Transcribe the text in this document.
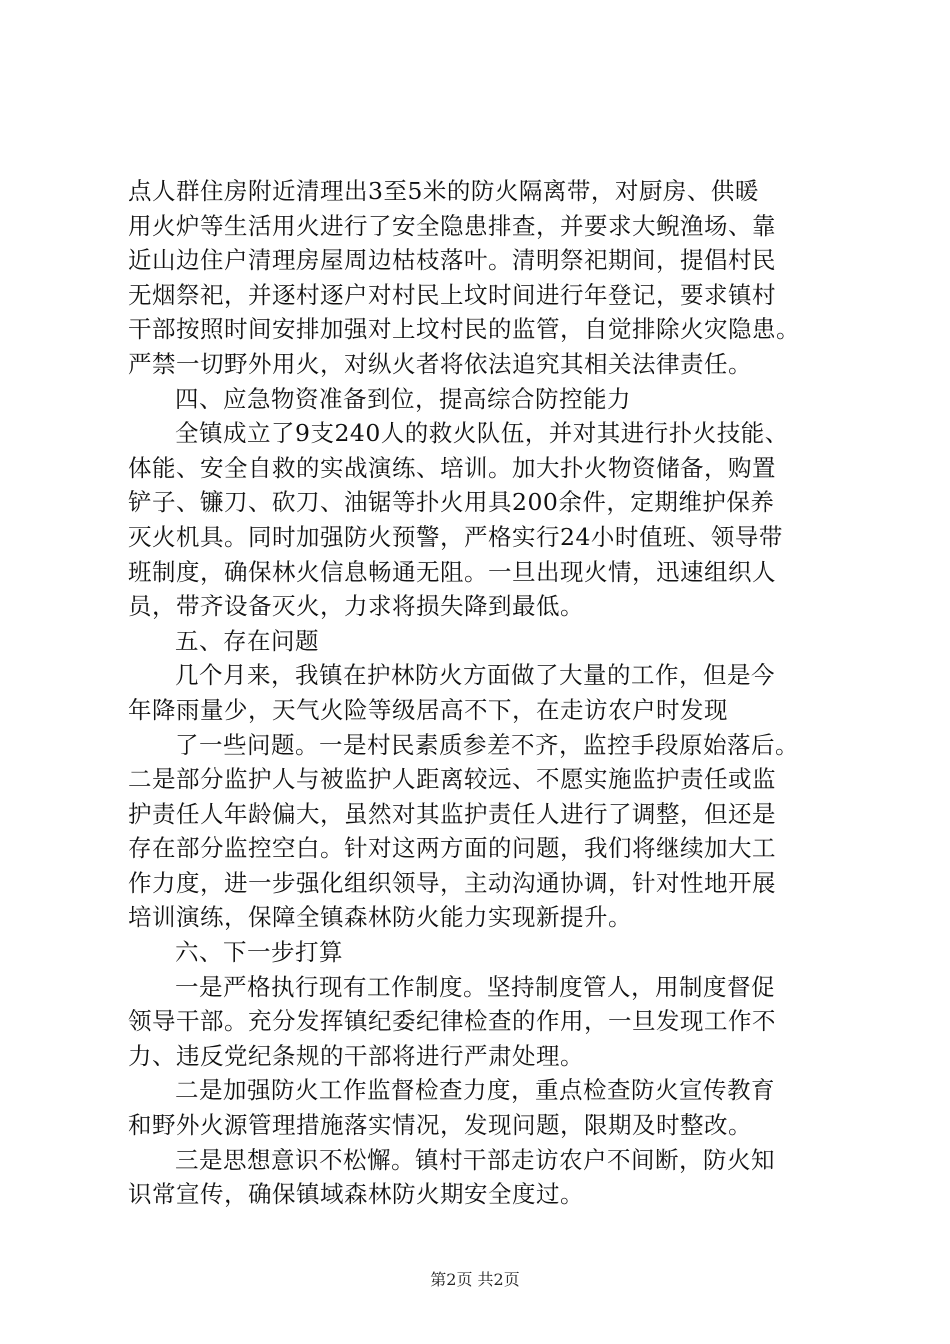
点人群住房附近清理出3至5米的防火隔离带，对厨房、供暖
用火炉等生活用火进行了安全隐患排查，并要求大鲵渔场、靠
近山边住户清理房屋周边枯枝落叶。清明祭祀期间，提倡村民
无烟祭祀，并逐村逐户对村民上坟时间进行年登记，要求镇村
干部按照时间安排加强对上坟村民的监管，自觉排除火灾隐患。
严禁一切野外用火，对纵火者将依法追究其相关法律责任。
四、应急物资准备到位，提高综合防控能力
全镇成立了9支240人的救火队伍，并对其进行扑火技能、
体能、安全自救的实战演练、培训。加大扑火物资储备，购置
铲子、镰刀、砍刀、油锯等扑火用具200余件，定期维护保养
灭火机具。同时加强防火预警，严格实行24小时值班、领导带
班制度，确保林火信息畅通无阻。一旦出现火情，迅速组织人
员，带齐设备灭火，力求将损失降到最低。
五、存在问题
几个月来，我镇在护林防火方面做了大量的工作，但是今
年降雨量少，天气火险等级居高不下，在走访农户时发现
了一些问题。一是村民素质参差不齐，监控手段原始落后。
二是部分监护人与被监护人距离较远、不愿实施监护责任或监
护责任人年龄偏大，虽然对其监护责任人进行了调整，但还是
存在部分监控空白。针对这两方面的问题，我们将继续加大工
作力度，进一步强化组织领导，主动沟通协调，针对性地开展
培训演练，保障全镇森林防火能力实现新提升。
六、下一步打算
一是严格执行现有工作制度。坚持制度管人，用制度督促
领导干部。充分发挥镇纪委纪律检查的作用，一旦发现工作不
力、违反党纪条规的干部将进行严肃处理。
二是加强防火工作监督检查力度，重点检查防火宣传教育
和野外火源管理措施落实情况，发现问题，限期及时整改。
三是思想意识不松懈。镇村干部走访农户不间断，防火知
识常宣传，确保镇域森林防火期安全度过。
第2页 共2页
